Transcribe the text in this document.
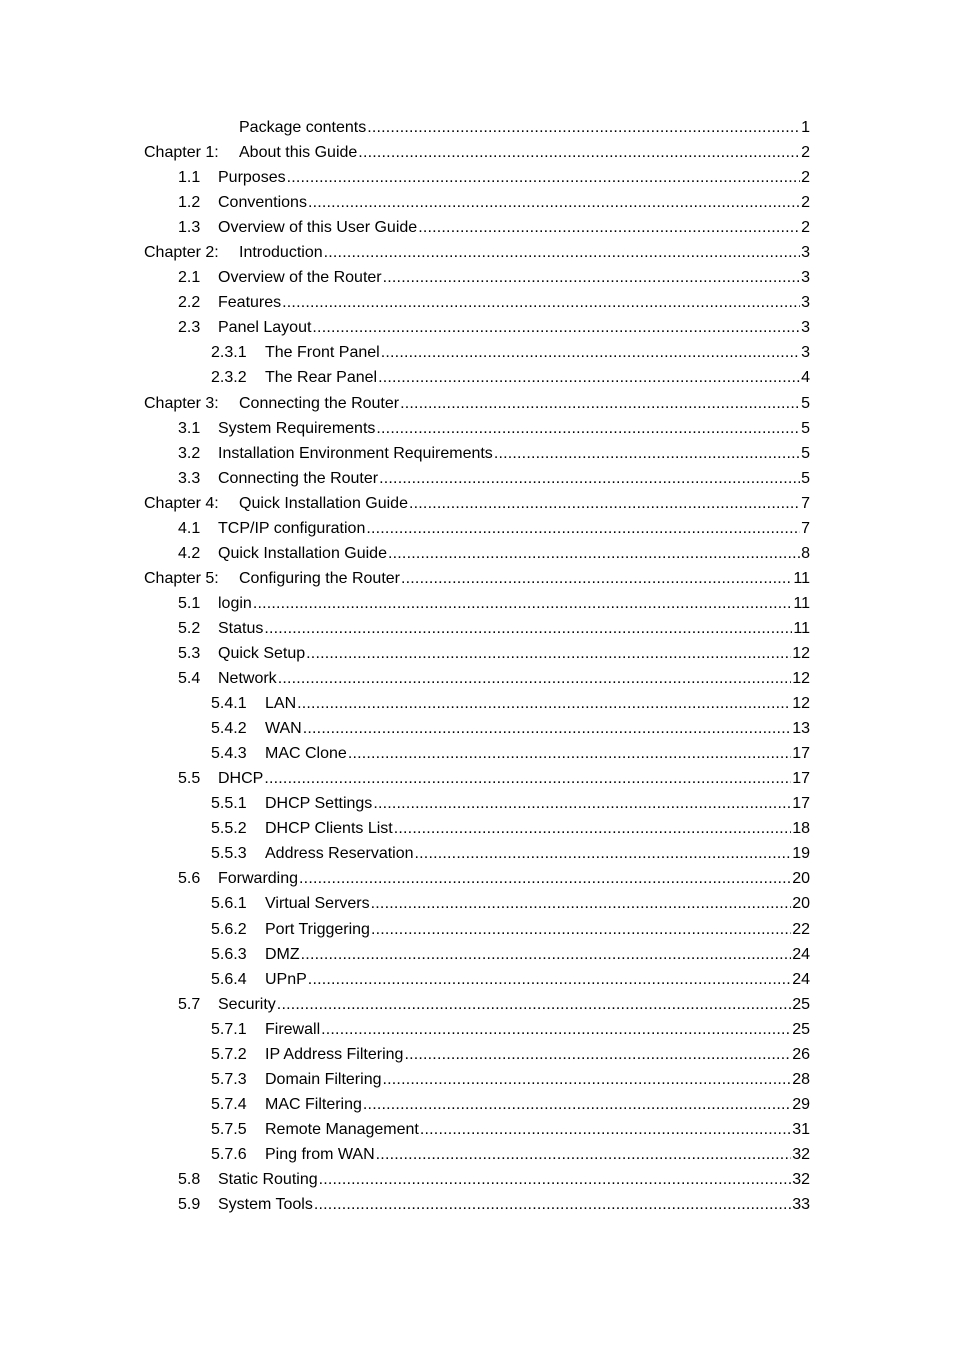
Package contents .....	1
Chapter 1:	About this Guide .....	2
1.1	Purposes .....	2
1.2	Conventions .....	2
1.3	Overview of this User Guide .....	2
Chapter 2:	Introduction .....	3
2.1	Overview of the Router .....	3
2.2	Features .....	3
2.3	Panel Layout .....	3
2.3.1	The Front Panel .....	3
2.3.2	The Rear Panel .....	4
Chapter 3:	Connecting the Router .....	5
3.1	System Requirements .....	5
3.2	Installation Environment Requirements .....	5
3.3	Connecting the Router .....	5
Chapter 4:	Quick Installation Guide .....	7
4.1	TCP/IP configuration .....	7
4.2	Quick Installation Guide .....	8
Chapter 5:	Configuring the Router .....	11
5.1	login .....	11
5.2	Status .....	11
5.3	Quick Setup .....	12
5.4	Network .....	12
5.4.1	LAN .....	12
5.4.2	WAN .....	13
5.4.3	MAC Clone .....	17
5.5	DHCP .....	17
5.5.1	DHCP Settings .....	17
5.5.2	DHCP Clients List .....	18
5.5.3	Address Reservation .....	19
5.6	Forwarding .....	20
5.6.1	Virtual Servers .....	20
5.6.2	Port Triggering .....	22
5.6.3	DMZ .....	24
5.6.4	UPnP .....	24
5.7	Security .....	25
5.7.1	Firewall .....	25
5.7.2	IP Address Filtering .....	26
5.7.3	Domain Filtering .....	28
5.7.4	MAC Filtering .....	29
5.7.5	Remote Management .....	31
5.7.6	Ping from WAN .....	32
5.8	Static Routing .....	32
5.9	System Tools .....	33
